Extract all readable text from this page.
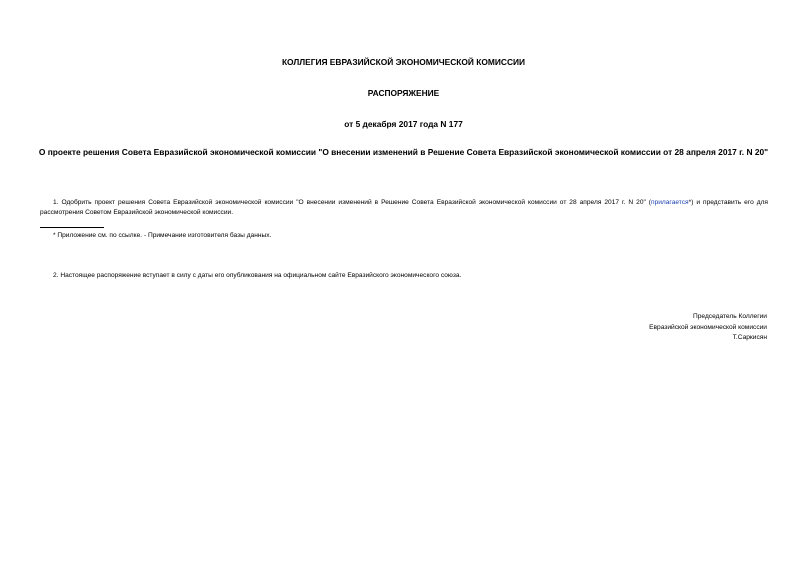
КОЛЛЕГИЯ ЕВРАЗИЙСКОЙ ЭКОНОМИЧЕСКОЙ КОМИССИИ

РАСПОРЯЖЕНИЕ

от 5 декабря 2017 года N 177

О проекте решения Совета Евразийской экономической комиссии "О внесении изменений в Решение Совета Евразийской экономической комиссии от 28 апреля 2017 г. N 20"

1. Одобрить проект решения Совета Евразийской экономической комиссии "О внесении изменений в Решение Совета Евразийской экономической комиссии от 28 апреля 2017 г. N 20" (прилагается*) и представить его для рассмотрения Советом Евразийской экономической комиссии.

* Приложение см. по ссылке. - Примечание изготовителя базы данных.

2. Настоящее распоряжение вступает в силу с даты его опубликования на официальном сайте Евразийского экономического союза.

Председатель Коллегии
Евразийской экономической комиссии
Т.Саркисян
